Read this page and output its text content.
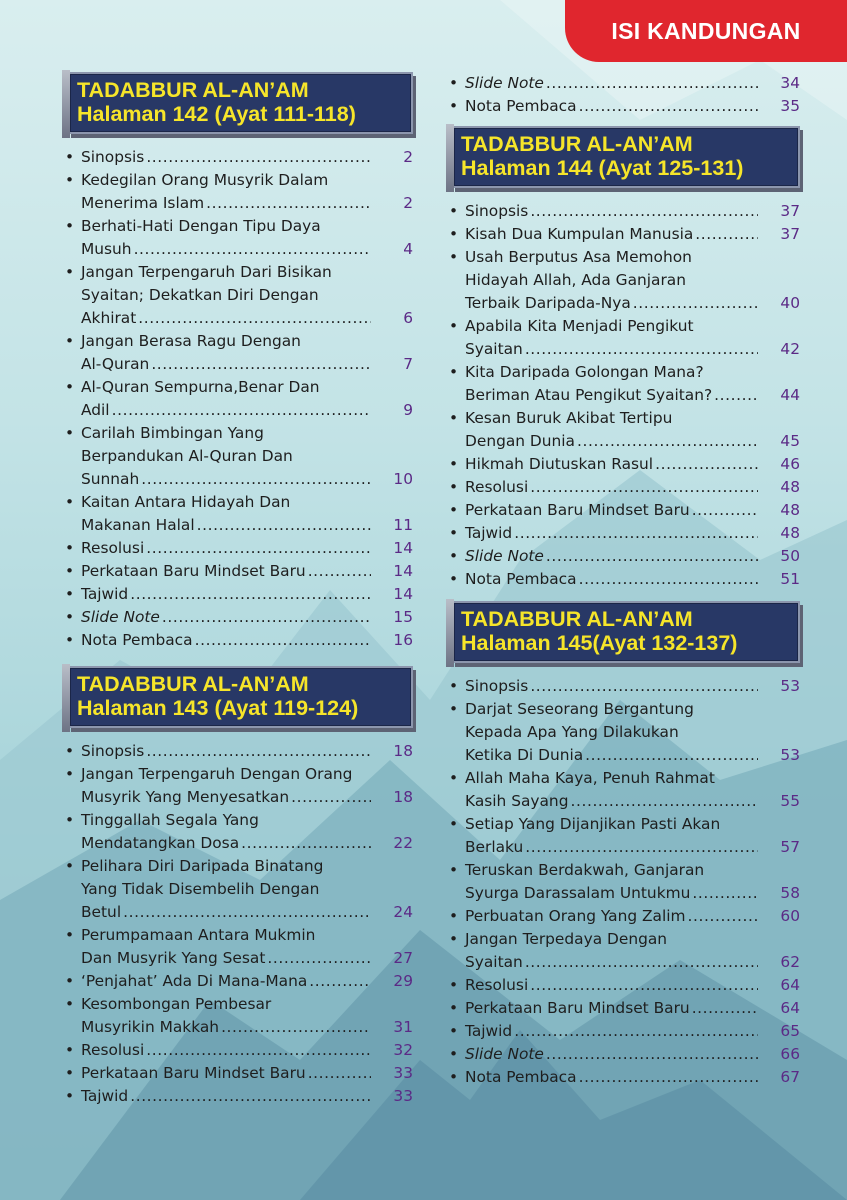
ISI KANDUNGAN
TADABBUR AL-AN’AM
Halaman 142 (Ayat 111-118)
• Sinopsis .....	2
• Kedegilan Orang Musyrik Dalam
Menerima Islam .....	2
• Berhati-Hati Dengan Tipu Daya
Musuh .....	4
• Jangan Terpengaruh Dari Bisikan
Syaitan; Dekatkan Diri Dengan
Akhirat .....	6
• Jangan Berasa Ragu Dengan
Al-Quran .....	7
• Al-Quran Sempurna,Benar Dan
Adil .....	9
• Carilah Bimbingan Yang
Berpandukan Al-Quran Dan
Sunnah .....	10
• Kaitan Antara Hidayah Dan
Makanan Halal .....	11
• Resolusi .....	14
• Perkataan Baru Mindset Baru .....	14
• Tajwid .....	14
• Slide Note .....	15
• Nota Pembaca .....	16
TADABBUR AL-AN’AM
Halaman 143 (Ayat 119-124)
• Sinopsis .....	18
• Jangan Terpengaruh Dengan Orang
Musyrik Yang Menyesatkan .....	18
• Tinggallah Segala Yang
Mendatangkan Dosa .....	22
• Pelihara Diri Daripada Binatang
Yang Tidak Disembelih Dengan
Betul .....	24
• Perumpamaan Antara Mukmin
Dan Musyrik Yang Sesat .....	27
• ‘Penjahat’ Ada Di Mana-Mana .....	29
• Kesombongan Pembesar
Musyrikin Makkah .....	31
• Resolusi .....	32
• Perkataan Baru Mindset Baru .....	33
• Tajwid .....	33
• Slide Note .....	34
• Nota Pembaca .....	35
TADABBUR AL-AN’AM
Halaman 144 (Ayat 125-131)
• Sinopsis .....	37
• Kisah Dua Kumpulan Manusia .....	37
• Usah Berputus Asa Memohon
Hidayah Allah, Ada Ganjaran
Terbaik Daripada-Nya .....	40
• Apabila Kita Menjadi Pengikut
Syaitan .....	42
• Kita Daripada Golongan Mana?
Beriman Atau Pengikut Syaitan? .....	44
• Kesan Buruk Akibat Tertipu
Dengan Dunia .....	45
• Hikmah Diutuskan Rasul .....	46
• Resolusi .....	48
• Perkataan Baru Mindset Baru .....	48
• Tajwid .....	48
• Slide Note .....	50
• Nota Pembaca .....	51
TADABBUR AL-AN’AM
Halaman 145(Ayat 132-137)
• Sinopsis .....	53
• Darjat Seseorang Bergantung
Kepada Apa Yang Dilakukan
Ketika Di Dunia .....	53
• Allah Maha Kaya, Penuh Rahmat
Kasih Sayang .....	55
• Setiap Yang Dijanjikan Pasti Akan
Berlaku .....	57
• Teruskan Berdakwah, Ganjaran
Syurga Darassalam Untukmu .....	58
• Perbuatan Orang Yang Zalim .....	60
• Jangan Terpedaya Dengan
Syaitan .....	62
• Resolusi .....	64
• Perkataan Baru Mindset Baru .....	64
• Tajwid .....	65
• Slide Note .....	66
• Nota Pembaca .....	67
